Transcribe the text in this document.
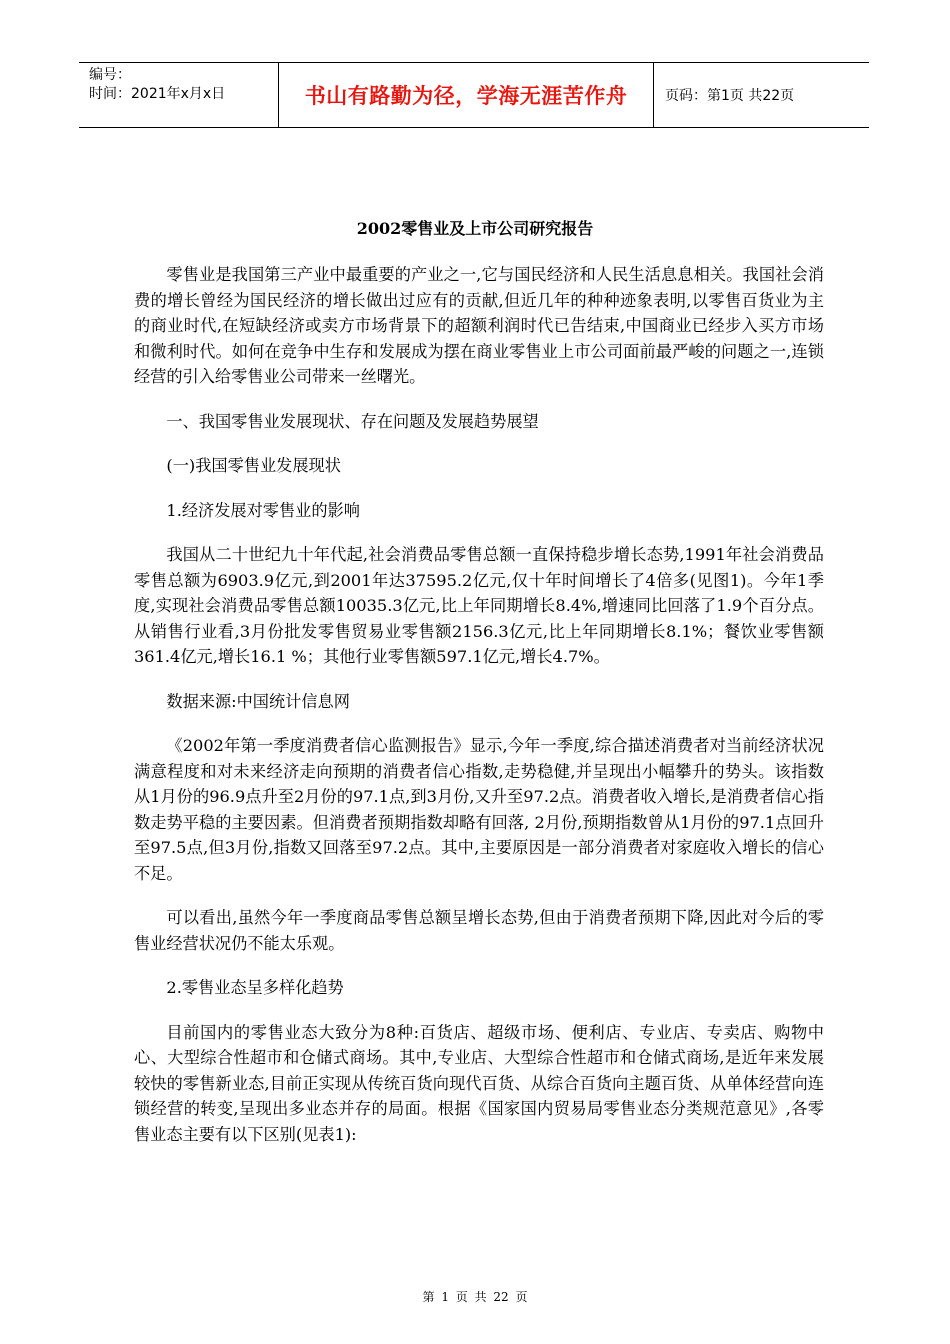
编号：
时间：2021年x月x日	书山有路勤为径，学海无涯苦作舟	页码：第1页 共22页
2002零售业及上市公司研究报告

零售业是我国第三产业中最重要的产业之一,它与国民经济和人民生活息息相关。我国社会消费的增长曾经为国民经济的增长做出过应有的贡献,但近几年的种种迹象表明,以零售百货业为主的商业时代,在短缺经济或卖方市场背景下的超额利润时代已告结束,中国商业已经步入买方市场和微利时代。如何在竞争中生存和发展成为摆在商业零售业上市公司面前最严峻的问题之一,连锁经营的引入给零售业公司带来一丝曙光。

一、我国零售业发展现状、存在问题及发展趋势展望

(一)我国零售业发展现状

1.经济发展对零售业的影响

我国从二十世纪九十年代起,社会消费品零售总额一直保持稳步增长态势,1991年社会消费品零售总额为6903.9亿元,到2001年达37595.2亿元,仅十年时间增长了4倍多(见图1)。今年1季度,实现社会消费品零售总额10035.3亿元,比上年同期增长8.4%,增速同比回落了1.9个百分点。从销售行业看,3月份批发零售贸易业零售额2156.3亿元,比上年同期增长8.1%；餐饮业零售额361.4亿元,增长16.1 %；其他行业零售额597.1亿元,增长4.7%。

数据来源:中国统计信息网

《2002年第一季度消费者信心监测报告》显示,今年一季度,综合描述消费者对当前经济状况满意程度和对未来经济走向预期的消费者信心指数,走势稳健,并呈现出小幅攀升的势头。该指数从1月份的96.9点升至2月份的97.1点,到3月份,又升至97.2点。消费者收入增长,是消费者信心指数走势平稳的主要因素。但消费者预期指数却略有回落, 2月份,预期指数曾从1月份的97.1点回升至97.5点,但3月份,指数又回落至97.2点。其中,主要原因是一部分消费者对家庭收入增长的信心不足。

可以看出,虽然今年一季度商品零售总额呈增长态势,但由于消费者预期下降,因此对今后的零售业经营状况仍不能太乐观。

2.零售业态呈多样化趋势

目前国内的零售业态大致分为8种:百货店、超级市场、便利店、专业店、专卖店、购物中心、大型综合性超市和仓储式商场。其中,专业店、大型综合性超市和仓储式商场,是近年来发展较快的零售新业态,目前正实现从传统百货向现代百货、从综合百货向主题百货、从单体经营向连锁经营的转变,呈现出多业态并存的局面。根据《国家国内贸易局零售业态分类规范意见》,各零售业态主要有以下区别(见表1):

第 1 页 共 22 页
